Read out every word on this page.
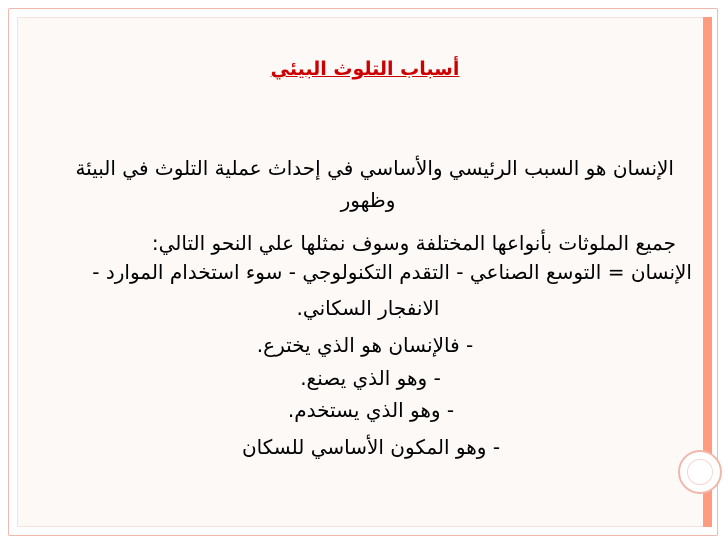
أسباب التلوث البيئي
الإنسان هو السبب الرئيسي والأساسي في إحداث عملية التلوث في البيئة
وظهور
جميع الملوثات بأنواعها المختلفة وسوف نمثلها علي النحو التالي:
الإنسان = التوسع الصناعي - التقدم التكنولوجي - سوء استخدام الموارد -
الانفجار السكاني.
- فالإنسان هو الذي يخترع.
- وهو الذي يصنع.
- وهو الذي يستخدم.
- وهو المكون الأساسي للسكان
